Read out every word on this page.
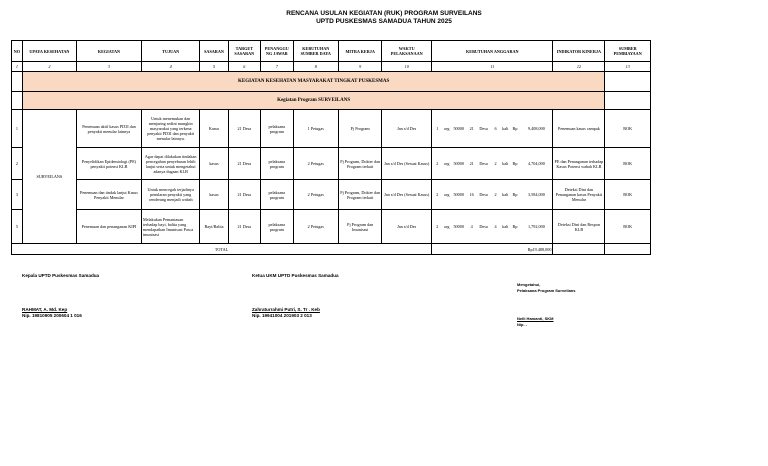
RENCANA USULAN KEGIATAN (RUK) PROGRAM SURVEILANS
UPTD PUSKESMAS SAMADUA TAHUN 2025
NO	UPAYA KESEHATAN	KEGIATAN	TUJUAN	SASARAN	TARGET SASARAN	PENANGGU NG JAWAB	KEBUTUHAN SUMBER DAYA	MITRA KERJA	WAKTU PELAKSANAAN	KEBUTUHAN ANGGARAN									INDIKATOR KINERJA	SUMBER PEMBIAYAAN
1	2	3	4	5	6	7	8	9	10	11									12	13
	KEGIATAN KESEHATAN MASYARAKAT TINGKAT PUSKESMAS																			
	Kegiatan Program SURVEILANS																			
1	SURVEILANS	Penemuan aktif kasus PD3I dan penyakit menular lainnya	Untuk menemukan dan menjaring sedini mungkin masyarakat yang terkena penyakit PD3I dan penyakit menular lainnya.	Kasus	21 Desa	pelaksana program	1 Petugas	Pj Program	Jan s/d Des	1	org	50000	21	Desa	6	kali	Rp	9,408,000	Penemuan kasus campak	BOK
2		Penyelidikan Epidemiologi (PE) penyakit potensi KLB	Agar dapat dilakukan tindakan pencegahan penyebaran lebih lanjut serta untuk mengetahui adanya dugaan KLB	kasus	21 Desa	pelaksana program	2 Petugas	Pj Program, Dokter dan Program terkait	Jan s/d Des (Sesuai Kasus)	2	org	50000	21	Desa	2	kali	Rp	4,704,000	PE dan Penanganan terhadap Kasus Potensi wabah KLB	BOK
3		Penemuan dan tindak lanjut Kasus Penyakit Menular	Untuk mencegah terjadinya penularan penyakit yang cenderung menjadi wabah	kasus	21 Desa	pelaksana program	2 Petugas	Pj Program, Dokter dan Program terkait	Jan s/d Des (Sesuai Kasus)	2	org	50000	16	Desa	2	kali	Rp	3,584,000	Deteksi Dini dan Penanganan kasus Penyakit Menular	BOK
5		Penemuan dan penanganan KIPI	Melakukan Pemantauan terhadap bayi, balita yang mendapatkan Imunisasi Pasca imunisasi	Bayi/Balita	21 Desa	pelaksana program	2 Petugas	Pj Program dan Imunisasi	Jan s/d Des	2	org	50000	4	Desa	4	kali	Rp	1,792,000	Deteksi Dini dan Respon KLB	BOK
TOTAL										Rp19,488,000										
Kepala UPTD Puskesmas Samadua
RAHMAT, A. Md. Kep
Nip. 19810905 200604 1 016
Ketua UKM UPTD Puskesmas Samadua
Zahraturrahmi Putri, S. Tr . Keb
Nip. 19941004 201903 2 013
Mengetahui,
Pelaksana Program Surveilans
Nelli Hamanti, SKM
Nip. -
